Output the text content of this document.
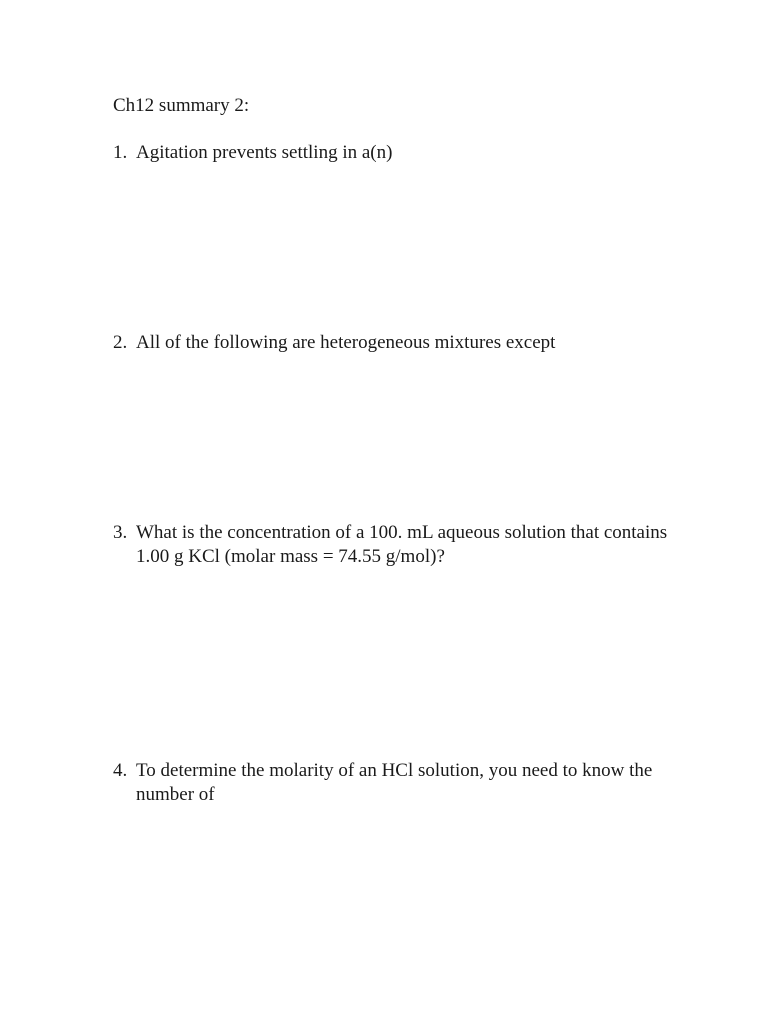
Ch12 summary 2:
1. Agitation prevents settling in a(n)
2. All of the following are heterogeneous mixtures except
3. What is the concentration of a 100. mL aqueous solution that contains 1.00 g KCl (molar mass = 74.55 g/mol)?
4. To determine the molarity of an HCl solution, you need to know the number of
